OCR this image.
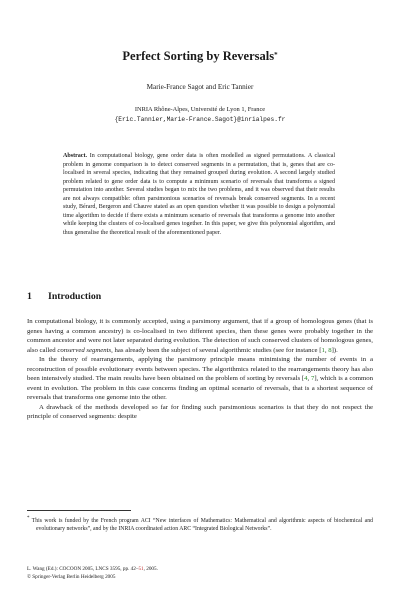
Perfect Sorting by Reversals*
Marie-France Sagot and Eric Tannier
INRIA Rhône-Alpes, Université de Lyon 1, France
{Eric.Tannier,Marie-France.Sagot}@inrialpes.fr
Abstract. In computational biology, gene order data is often modelled as signed permutations. A classical problem in genome comparison is to detect conserved segments in a permutation, that is, genes that are co-localised in several species, indicating that they remained grouped during evolution. A second largely studied problem related to gene order data is to compute a minimum scenario of reversals that transforms a signed permutation into another. Several studies began to mix the two problems, and it was observed that their results are not always compatible: often parsimonious scenarios of reversals break conserved segments. In a recent study, Bérard, Bergeron and Chauve stated as an open question whether it was possible to design a polynomial time algorithm to decide if there exists a minimum scenario of reversals that transforms a genome into another while keeping the clusters of co-localised genes together. In this paper, we give this polynomial algorithm, and thus generalise the theoretical result of the aforementioned paper.
1 Introduction

In computational biology, it is commonly accepted, using a parsimony argument, that if a group of homologous genes (that is genes having a common ancestry) is co-localised in two different species, then these genes were probably together in the common ancestor and were not later separated during evolution. The detection of such conserved clusters of homologous genes, also called conserved segments, has already been the subject of several algorithmic studies (see for instance [1, 8]).

In the theory of rearrangements, applying the parsimony principle means minimising the number of events in a reconstruction of possible evolutionary events between species. The algorithmics related to the rearrangements theory has also been intensively studied. The main results have been obtained on the problem of sorting by reversals [4, 7], which is a common event in evolution. The problem in this case concerns finding an optimal scenario of reversals, that is a shortest sequence of reversals that transforms one genome into the other.

A drawback of the methods developed so far for finding such parsimonious scenarios is that they do not respect the principle of conserved segments: despite

* This work is funded by the French program ACI “New interfaces of Mathematics: Mathematical and algorithmic aspects of biochemical and evolutionary networks”, and by the INRIA coordinated action ARC “Integrated Biological Networks”.

L. Wang (Ed.): COCOON 2005, LNCS 3595, pp. 42–51, 2005.
© Springer-Verlag Berlin Heidelberg 2005
